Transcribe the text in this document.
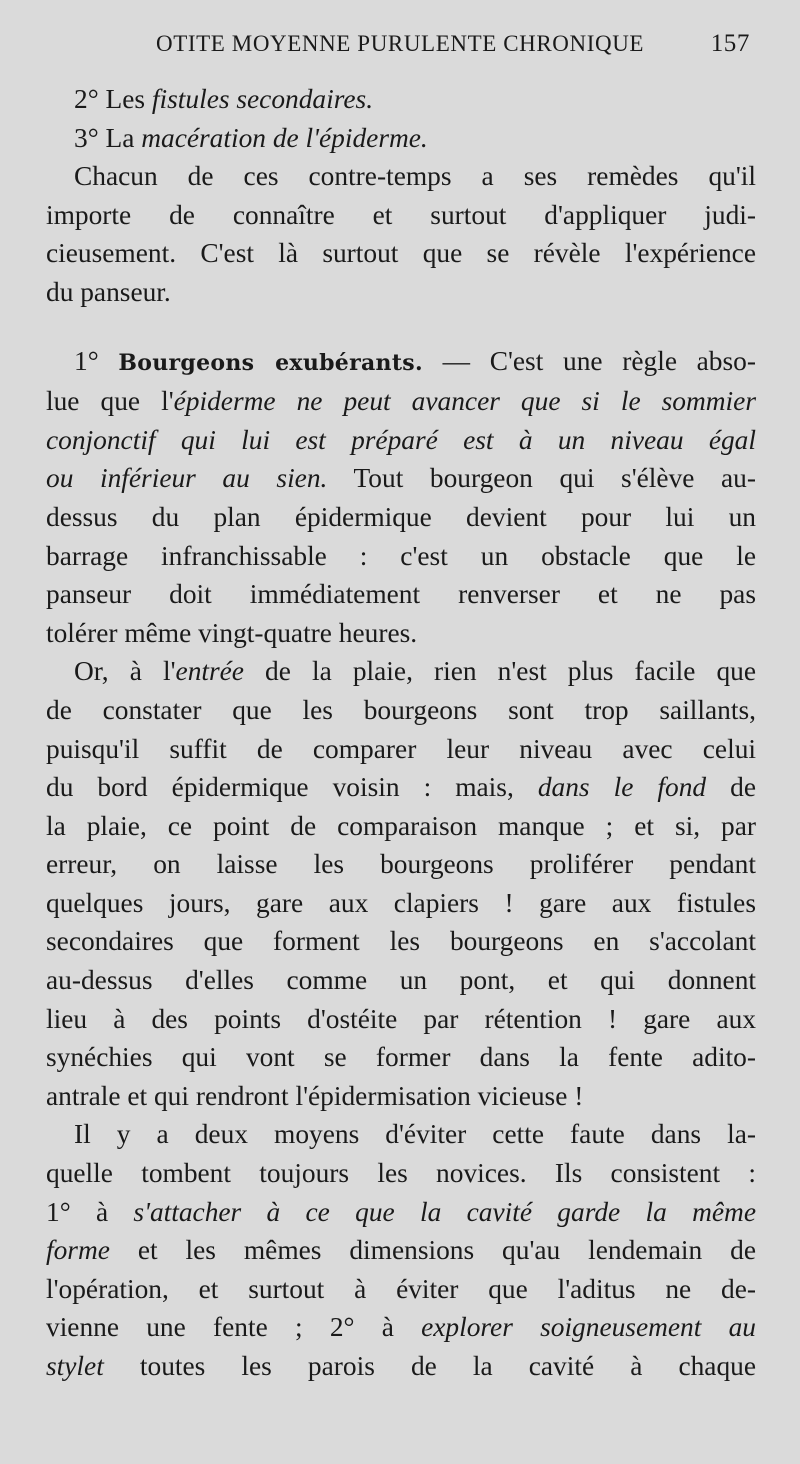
OTITE MOYENNE PURULENTE CHRONIQUE	157
2° Les fistules secondaires.
3° La macération de l'épiderme.
Chacun de ces contre-temps a ses remèdes qu'il
importe de connaître et surtout d'appliquer judi-
cieusement. C'est là surtout que se révèle l'expérience
du panseur.
1° Bourgeons exubérants. — C'est une règle abso-
lue que l'épiderme ne peut avancer que si le sommier
conjonctif qui lui est préparé est à un niveau égal
ou inférieur au sien. Tout bourgeon qui s'élève au-
dessus du plan épidermique devient pour lui un
barrage infranchissable : c'est un obstacle que le
panseur doit immédiatement renverser et ne pas
tolérer même vingt-quatre heures.
Or, à l'entrée de la plaie, rien n'est plus facile que
de constater que les bourgeons sont trop saillants,
puisqu'il suffit de comparer leur niveau avec celui
du bord épidermique voisin : mais, dans le fond de
la plaie, ce point de comparaison manque ; et si, par
erreur, on laisse les bourgeons proliférer pendant
quelques jours, gare aux clapiers ! gare aux fistules
secondaires que forment les bourgeons en s'accolant
au-dessus d'elles comme un pont, et qui donnent
lieu à des points d'ostéite par rétention ! gare aux
synéchies qui vont se former dans la fente adito-
antrale et qui rendront l'épidermisation vicieuse !
Il y a deux moyens d'éviter cette faute dans la-
quelle tombent toujours les novices. Ils consistent :
1° à s'attacher à ce que la cavité garde la même
forme et les mêmes dimensions qu'au lendemain de
l'opération, et surtout à éviter que l'aditus ne de-
vienne une fente ; 2° à explorer soigneusement au
stylet toutes les parois de la cavité à chaque
